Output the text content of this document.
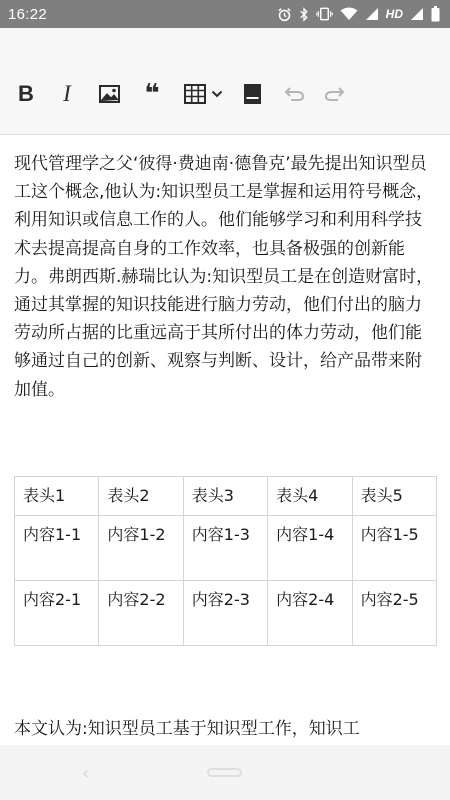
16:22	HD
B I	❝

现代管理学之父‘彼得·费迪南·德鲁克’最先提出知识型员工这个概念,他认为:知识型员工是掌握和运用符号概念，利用知识或信息工作的人。他们能够学习和利用科学技术去提高提高自身的工作效率，也具备极强的创新能力。弗朗西斯.赫瑞比认为:知识型员工是在创造财富时，通过其掌握的知识技能进行脑力劳动，他们付出的脑力劳动所占据的比重远高于其所付出的体力劳动，他们能够通过自己的创新、观察与判断、设计，给产品带来附加值。

表头1	表头2	表头3	表头4	表头5
内容1-1	内容1-2	内容1-3	内容1-4	内容1-5
内容2-1	内容2-2	内容2-3	内容2-4	内容2-5

本文认为:知识型员工基于知识型工作，知识工

‹
